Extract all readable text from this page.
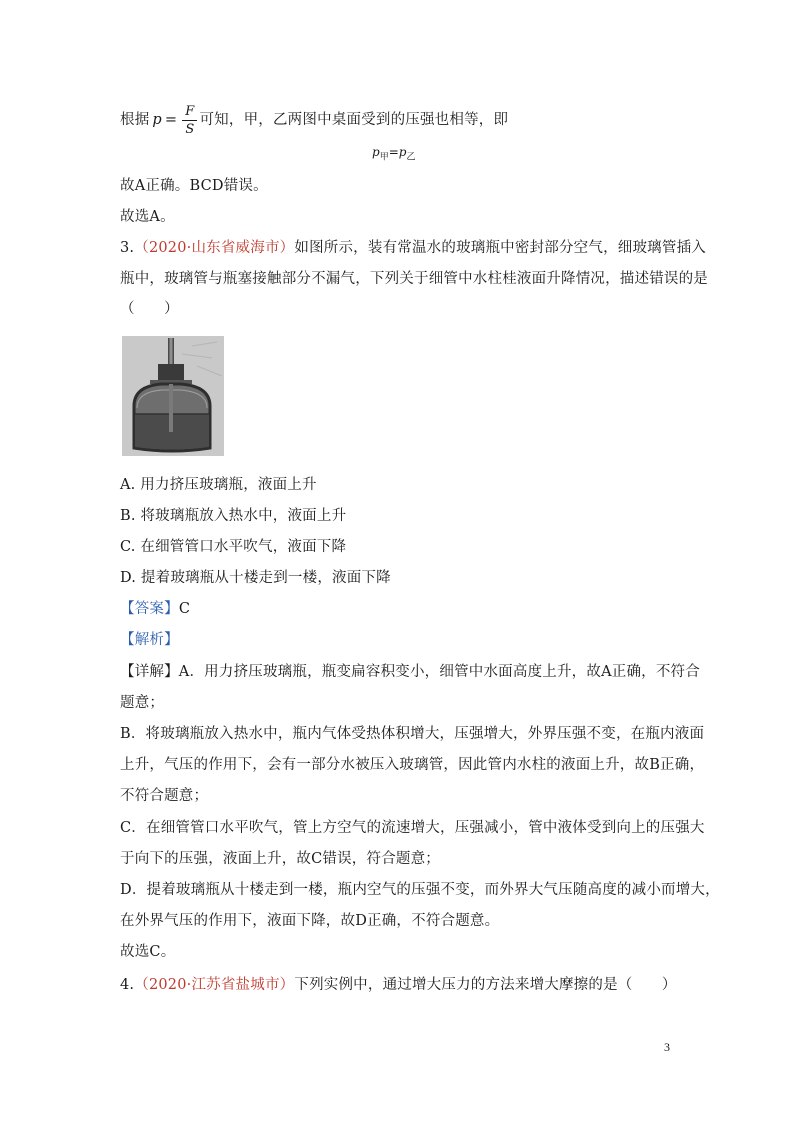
根据 $p = \frac{F}{S}$ 可知，甲，乙两图中桌面受到的压强也相等，即
$p_甲=p_乙$
故A正确。BCD错误。
故选A。
3.（2020·山东省威海市）如图所示，装有常温水的玻璃瓶中密封部分空气，细玻璃管插入
瓶中，玻璃管与瓶塞接触部分不漏气，下列关于细管中水柱桂液面升降情况，描述错误的是
（　　）
A. 用力挤压玻璃瓶，液面上升
B. 将玻璃瓶放入热水中，液面上升
C. 在细管管口水平吹气，液面下降
D. 提着玻璃瓶从十楼走到一楼，液面下降
【答案】C
【解析】
【详解】A．用力挤压玻璃瓶，瓶变扁容积变小，细管中水面高度上升，故A正确，不符合
题意；
B．将玻璃瓶放入热水中，瓶内气体受热体积增大，压强增大，外界压强不变，在瓶内液面
上升，气压的作用下，会有一部分水被压入玻璃管，因此管内水柱的液面上升，故B正确，
不符合题意；
C．在细管管口水平吹气，管上方空气的流速增大，压强减小，管中液体受到向上的压强大
于向下的压强，液面上升，故C错误，符合题意；
D．提着玻璃瓶从十楼走到一楼，瓶内空气的压强不变，而外界大气压随高度的减小而增大，
在外界气压的作用下，液面下降，故D正确，不符合题意。
故选C。
4.（2020·江苏省盐城市）下列实例中，通过增大压力的方法来增大摩擦的是（　　）
3
